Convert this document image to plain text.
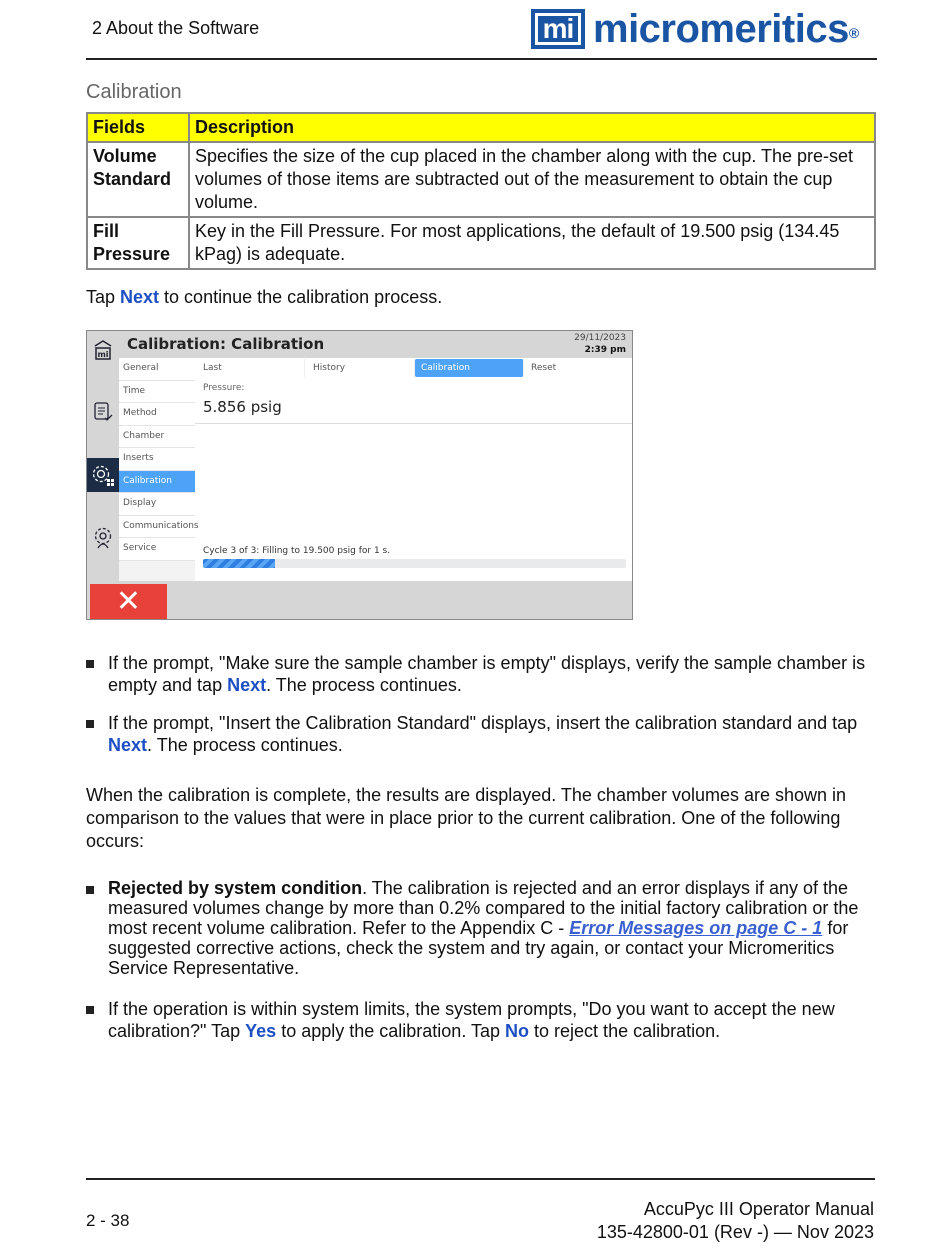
2 About the Software	mi micromeritics®
Calibration
Fields	Description
Volume Standard	Specifies the size of the cup placed in the chamber along with the cup. The pre-set volumes of those items are subtracted out of the measurement to obtain the cup volume.
Fill Pressure	Key in the Fill Pressure. For most applications, the default of 19.500 psig (134.45 kPag) is adequate.
Tap Next to continue the calibration process.
mi
Calibration: Calibration	29/11/2023
2:39 pm
General
Time
Method
Chamber
Inserts
Calibration
Display
Communications
Service
Last	History	Calibration	Reset
Pressure:
5.856 psig
Cycle 3 of 3: Filling to 19.500 psig for 1 s.
✕
If the prompt, "Make sure the sample chamber is empty" displays, verify the sample chamber is empty and tap Next. The process continues.
If the prompt, "Insert the Calibration Standard" displays, insert the calibration standard and tap Next. The process continues.
When the calibration is complete, the results are displayed. The chamber volumes are shown in comparison to the values that were in place prior to the current calibration. One of the following occurs:
Rejected by system condition. The calibration is rejected and an error displays if any of the measured volumes change by more than 0.2% compared to the initial factory calibration or the most recent volume calibration. Refer to the Appendix C - Error Messages on page C - 1 for suggested corrective actions, check the system and try again, or contact your Micromeritics Service Representative.
If the operation is within system limits, the system prompts, "Do you want to accept the new calibration?" Tap Yes to apply the calibration. Tap No to reject the calibration.
2 - 38
AccuPyc III Operator Manual
135-42800-01 (Rev -) — Nov 2023
